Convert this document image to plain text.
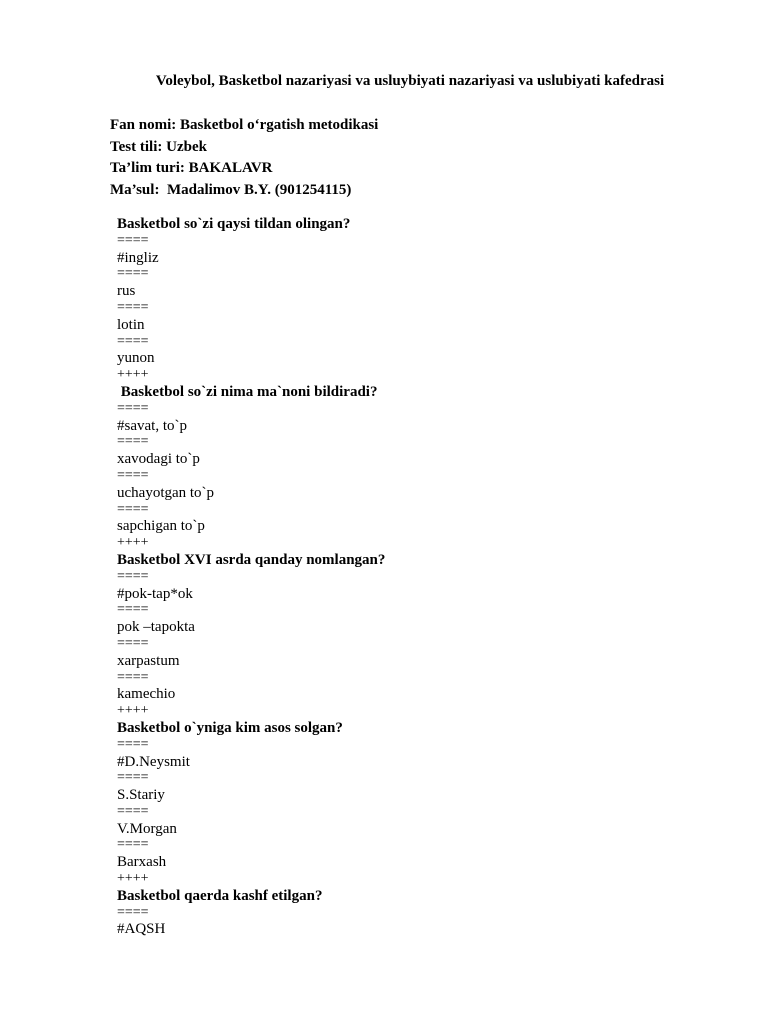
Voleybol, Basketbol nazariyasi va usluybiyati nazariyasi va uslubiyati kafedrasi
Fan nomi: Basketbol o‘rgatish metodikasi
Test tili: Uzbek
Ta’lim turi: BAKALAVR
Ma’sul:  Madalimov B.Y. (901254115)
Basketbol so`zi qaysi tildan olingan?
====
#ingliz
====
rus
====
lotin
====
yunon
++++
Basketbol so`zi nima ma`noni bildiradi?
====
#savat, to`p
====
xavodagi to`p
====
uchayotgan to`p
====
sapchigan to`p
++++
Basketbol XVI asrda qanday nomlangan?
====
#pok-tap*ok
====
pok –tapokta
====
xarpastum
====
kamechio
++++
Basketbol o`yniga kim asos solgan?
====
#D.Neysmit
====
S.Stariy
====
V.Morgan
====
Barxash
++++
Basketbol qaerda kashf etilgan?
====
#AQSH
